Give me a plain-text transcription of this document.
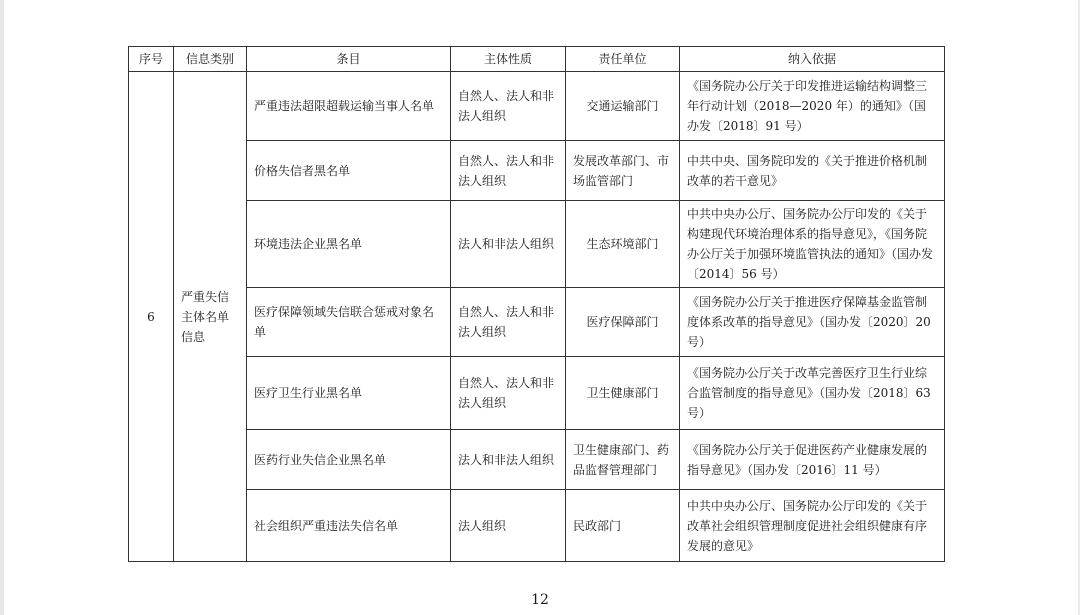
序号	信息类别	条目	主体性质	责任单位	纳入依据
6	严重失信主体名单信息	严重违法超限超载运输当事人名单	自然人、法人和非法人组织	交通运输部门	《国务院办公厅关于印发推进运输结构调整三年行动计划（2018—2020 年）的通知》（国办发〔2018〕91 号）
		价格失信者黑名单	自然人、法人和非法人组织	发展改革部门、市场监管部门	中共中央、国务院印发的《关于推进价格机制改革的若干意见》
		环境违法企业黑名单	法人和非法人组织	生态环境部门	中共中央办公厅、国务院办公厅印发的《关于构建现代环境治理体系的指导意见》，《国务院办公厅关于加强环境监管执法的通知》（国办发〔2014〕56 号）
		医疗保障领域失信联合惩戒对象名单	自然人、法人和非法人组织	医疗保障部门	《国务院办公厅关于推进医疗保障基金监管制度体系改革的指导意见》（国办发〔2020〕20 号）
		医疗卫生行业黑名单	自然人、法人和非法人组织	卫生健康部门	《国务院办公厅关于改革完善医疗卫生行业综合监管制度的指导意见》（国办发〔2018〕63 号）
		医药行业失信企业黑名单	法人和非法人组织	卫生健康部门、药品监督管理部门	《国务院办公厅关于促进医药产业健康发展的指导意见》（国办发〔2016〕11 号）
		社会组织严重违法失信名单	法人组织	民政部门	中共中央办公厅、国务院办公厅印发的《关于改革社会组织管理制度促进社会组织健康有序发展的意见》
12
